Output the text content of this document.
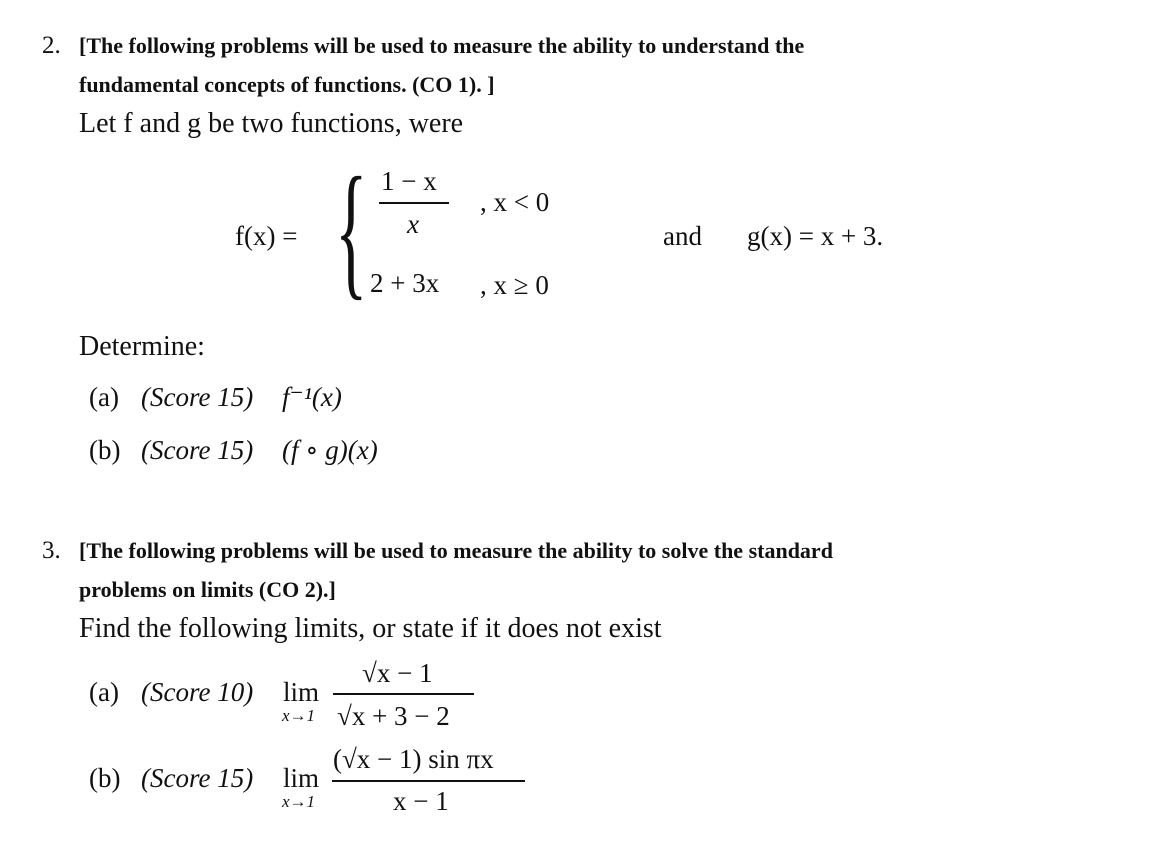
2. [The following problems will be used to measure the ability to understand the
fundamental concepts of functions. (CO 1). ]
Let f and g be two functions, were
f(x) = { 1 − x
x
, x < 0
2 + 3x , x ≥ 0
and g(x) = x + 3.
Determine:
(a) (Score 15) f⁻¹(x)
(b) (Score 15) (f ∘ g)(x)
3. [The following problems will be used to measure the ability to solve the standard
problems on limits (CO 2).]
Find the following limits, or state if it does not exist
(a) (Score 10) lim
x→1
√x − 1
√x + 3 − 2
(b) (Score 15) lim
x→1
(√x − 1) sin πx
x − 1
